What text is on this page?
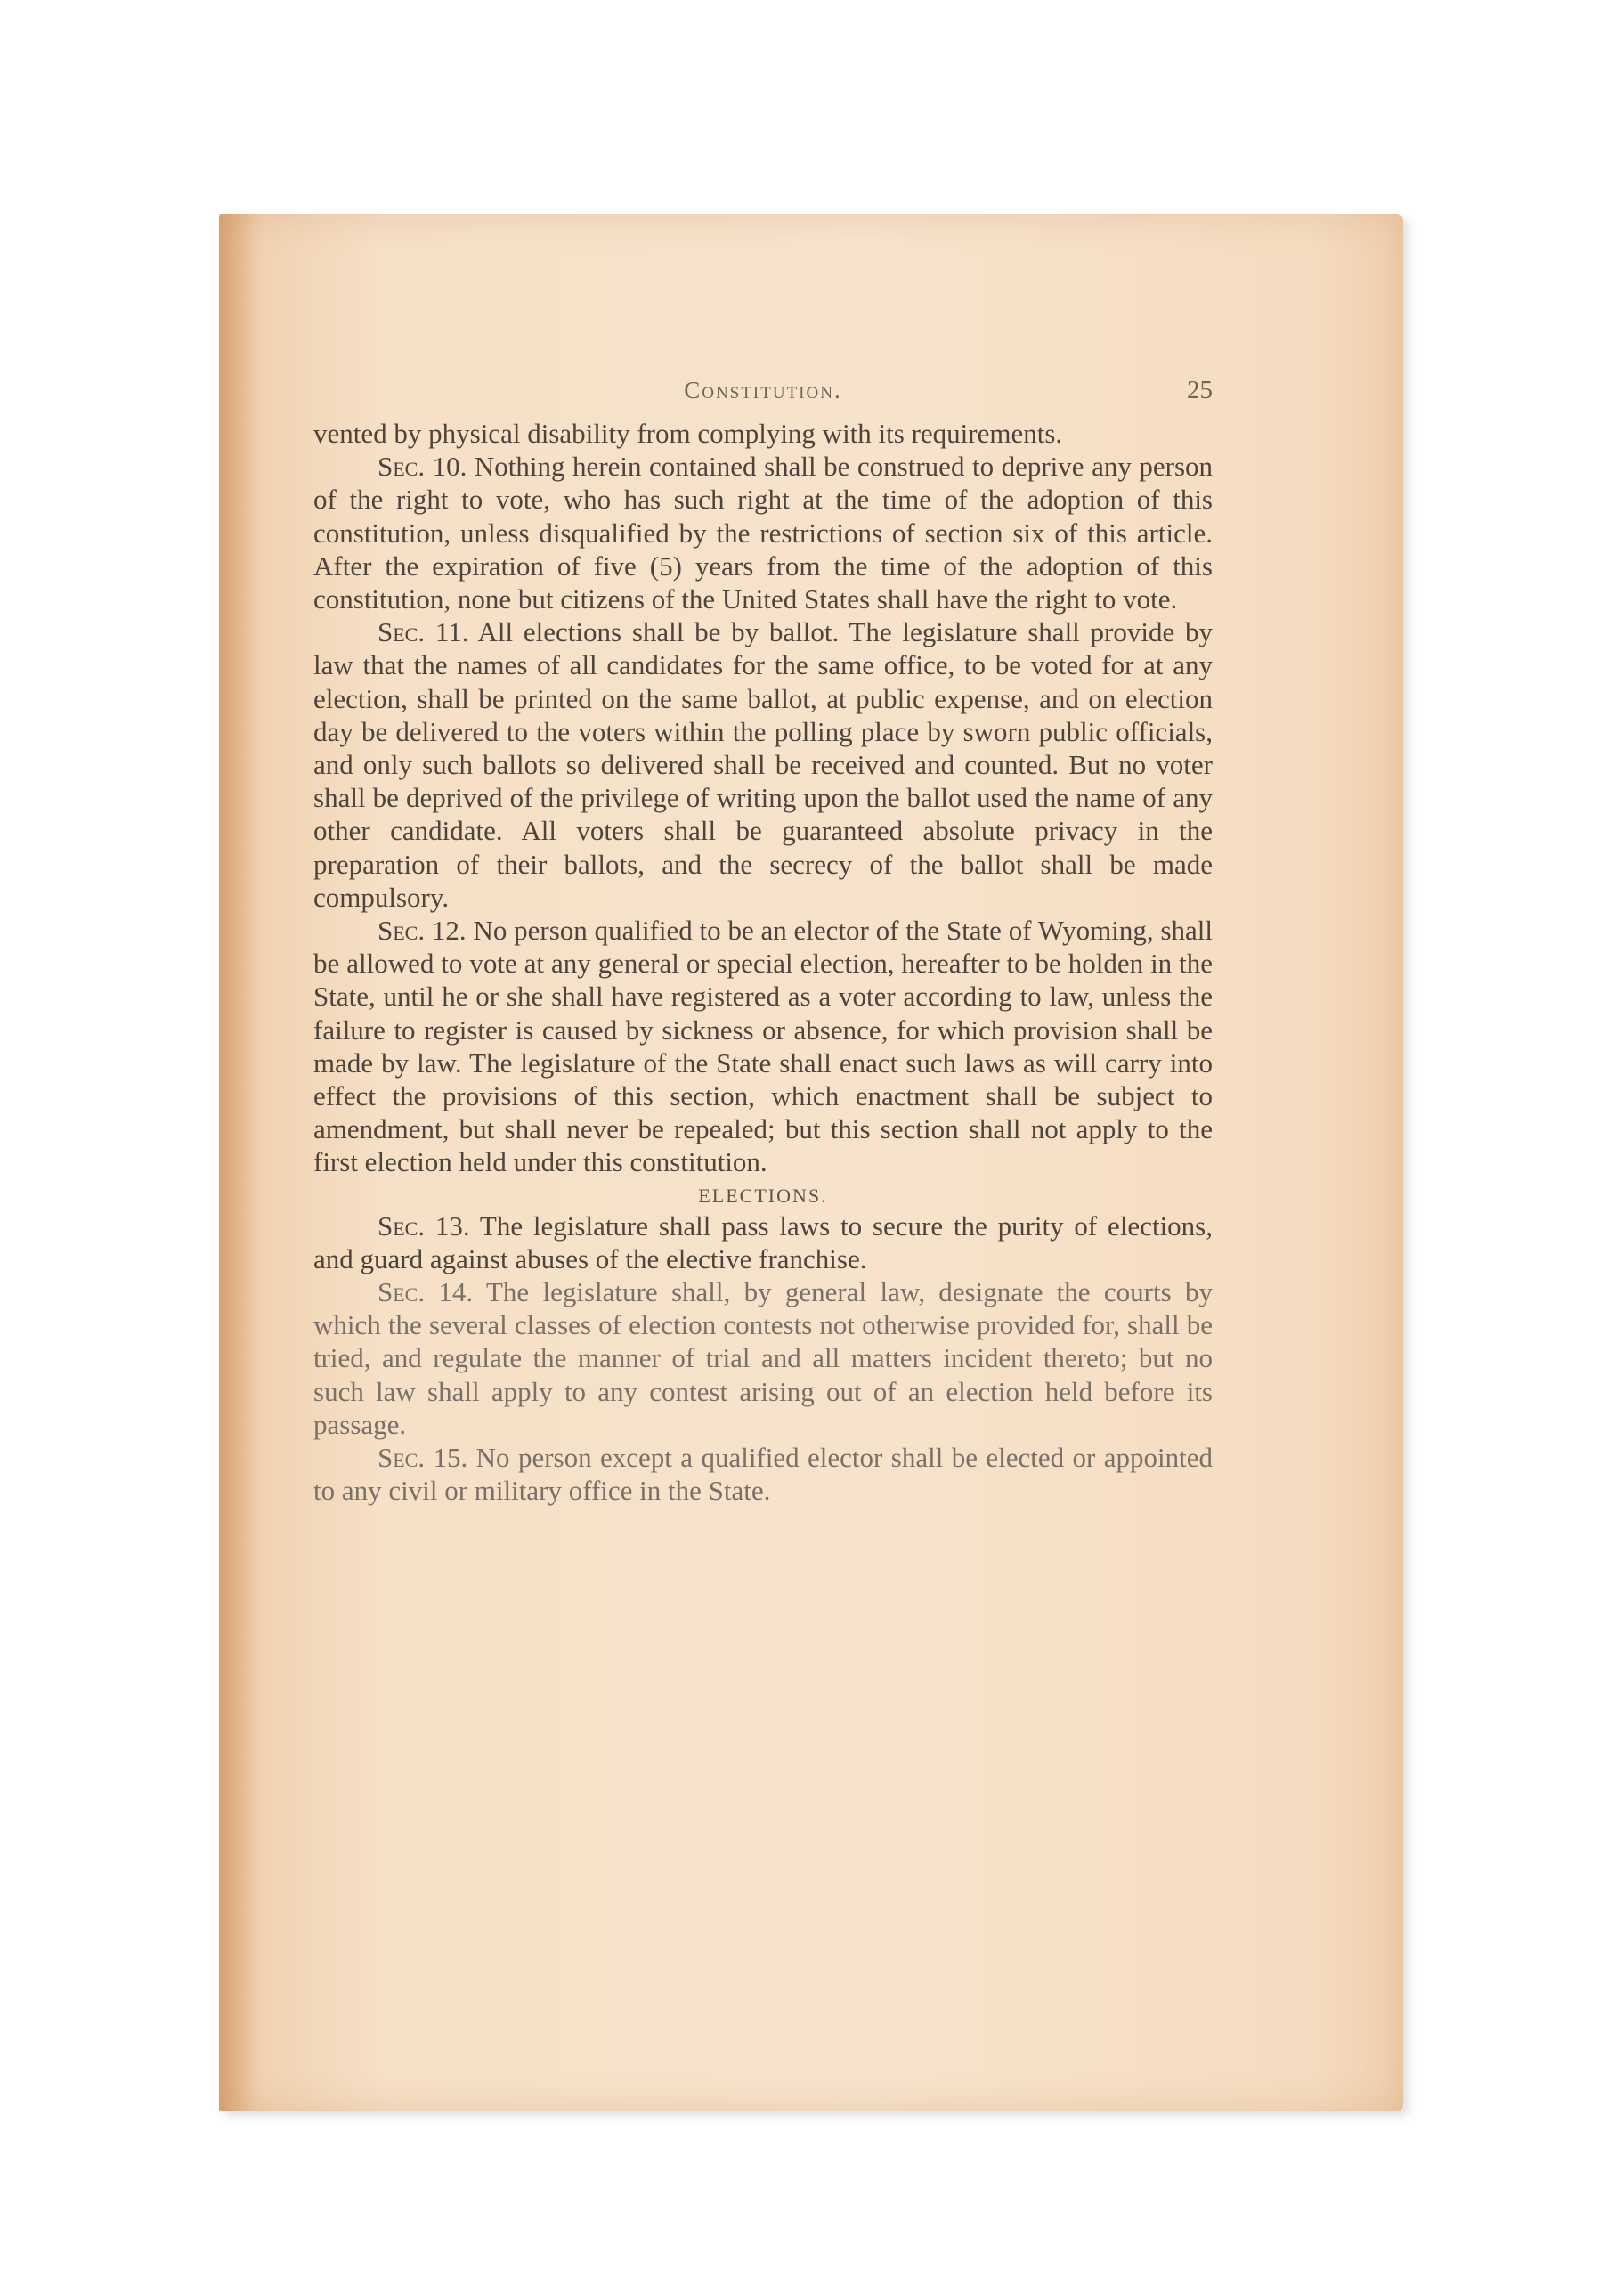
Constitution.	25

vented by physical disability from complying with its requirements.

Sec. 10. Nothing herein contained shall be construed to deprive any person of the right to vote, who has such right at the time of the adoption of this constitution, unless disqualified by the restrictions of section six of this article. After the expiration of five (5) years from the time of the adoption of this constitution, none but citizens of the United States shall have the right to vote.

Sec. 11. All elections shall be by ballot. The legislature shall provide by law that the names of all candidates for the same office, to be voted for at any election, shall be printed on the same ballot, at public expense, and on election day be delivered to the voters within the polling place by sworn public officials, and only such ballots so delivered shall be received and counted. But no voter shall be deprived of the privilege of writing upon the ballot used the name of any other candidate. All voters shall be guaranteed absolute privacy in the preparation of their ballots, and the secrecy of the ballot shall be made compulsory.

Sec. 12. No person qualified to be an elector of the State of Wyoming, shall be allowed to vote at any general or special election, hereafter to be holden in the State, until he or she shall have registered as a voter according to law, unless the failure to register is caused by sickness or absence, for which provision shall be made by law. The legislature of the State shall enact such laws as will carry into effect the provisions of this section, which enactment shall be subject to amendment, but shall never be repealed; but this section shall not apply to the first election held under this constitution.

ELECTIONS.

Sec. 13. The legislature shall pass laws to secure the purity of elections, and guard against abuses of the elective franchise.

Sec. 14. The legislature shall, by general law, designate the courts by which the several classes of election contests not otherwise provided for, shall be tried, and regulate the manner of trial and all matters incident thereto; but no such law shall apply to any contest arising out of an election held before its passage.

Sec. 15. No person except a qualified elector shall be elected or appointed to any civil or military office in the State.
